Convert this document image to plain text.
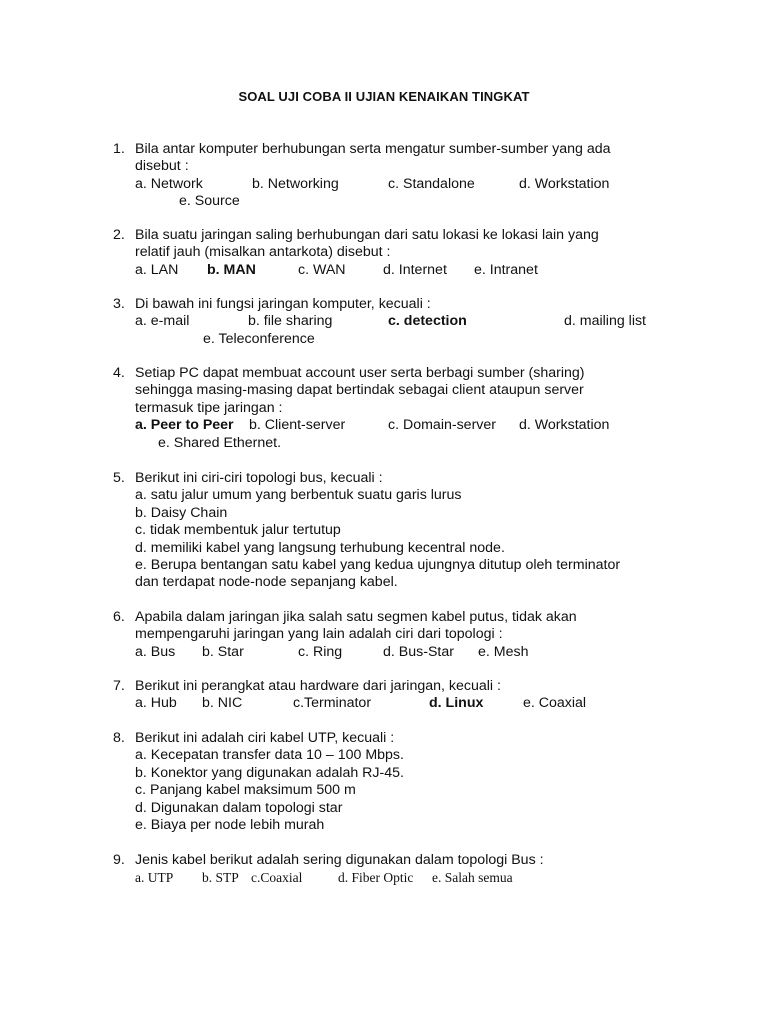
SOAL UJI COBA II UJIAN KENAIKAN TINGKAT
1. Bila antar komputer berhubungan serta mengatur sumber-sumber yang ada
disebut :
a. Network	b. Networking	c. Standalone	d. Workstation
e. Source
2. Bila suatu jaringan saling berhubungan dari satu lokasi ke lokasi lain yang
relatif jauh (misalkan antarkota) disebut :
a. LAN b. MAN	c. WAN	d. Internet e. Intranet
3. Di bawah ini fungsi jaringan komputer, kecuali :
a. e-mail	b. file sharing	c. detection	d. mailing list
e. Teleconference
4. Setiap PC dapat membuat account user serta berbagi sumber (sharing)
sehingga masing-masing dapat bertindak sebagai client ataupun server
termasuk tipe jaringan :
a. Peer to Peer b. Client-server	c. Domain-server d. Workstation
e. Shared Ethernet.
5. Berikut ini ciri-ciri topologi bus, kecuali :
a. satu jalur umum yang berbentuk suatu garis lurus
b. Daisy Chain
c. tidak membentuk jalur tertutup
d. memiliki kabel yang langsung terhubung kecentral node.
e. Berupa bentangan satu kabel yang kedua ujungnya ditutup oleh terminator
dan terdapat node-node sepanjang kabel.
6. Apabila dalam jaringan jika salah satu segmen kabel putus, tidak akan
mempengaruhi jaringan yang lain adalah ciri dari topologi :
a. Bus b. Star	c. Ring	d. Bus-Star e. Mesh
7. Berikut ini perangkat atau hardware dari jaringan, kecuali :
a. Hub b. NIC	c.Terminator	d. Linux	e. Coaxial
8. Berikut ini adalah ciri kabel UTP, kecuali :
a. Kecepatan transfer data 10 – 100 Mbps.
b. Konektor yang digunakan adalah RJ-45.
c. Panjang kabel maksimum 500 m
d. Digunakan dalam topologi star
e. Biaya per node lebih murah
9. Jenis kabel berikut adalah sering digunakan dalam topologi Bus :
a. UTP b. STP c.Coaxial	d. Fiber Optic e. Salah semua
